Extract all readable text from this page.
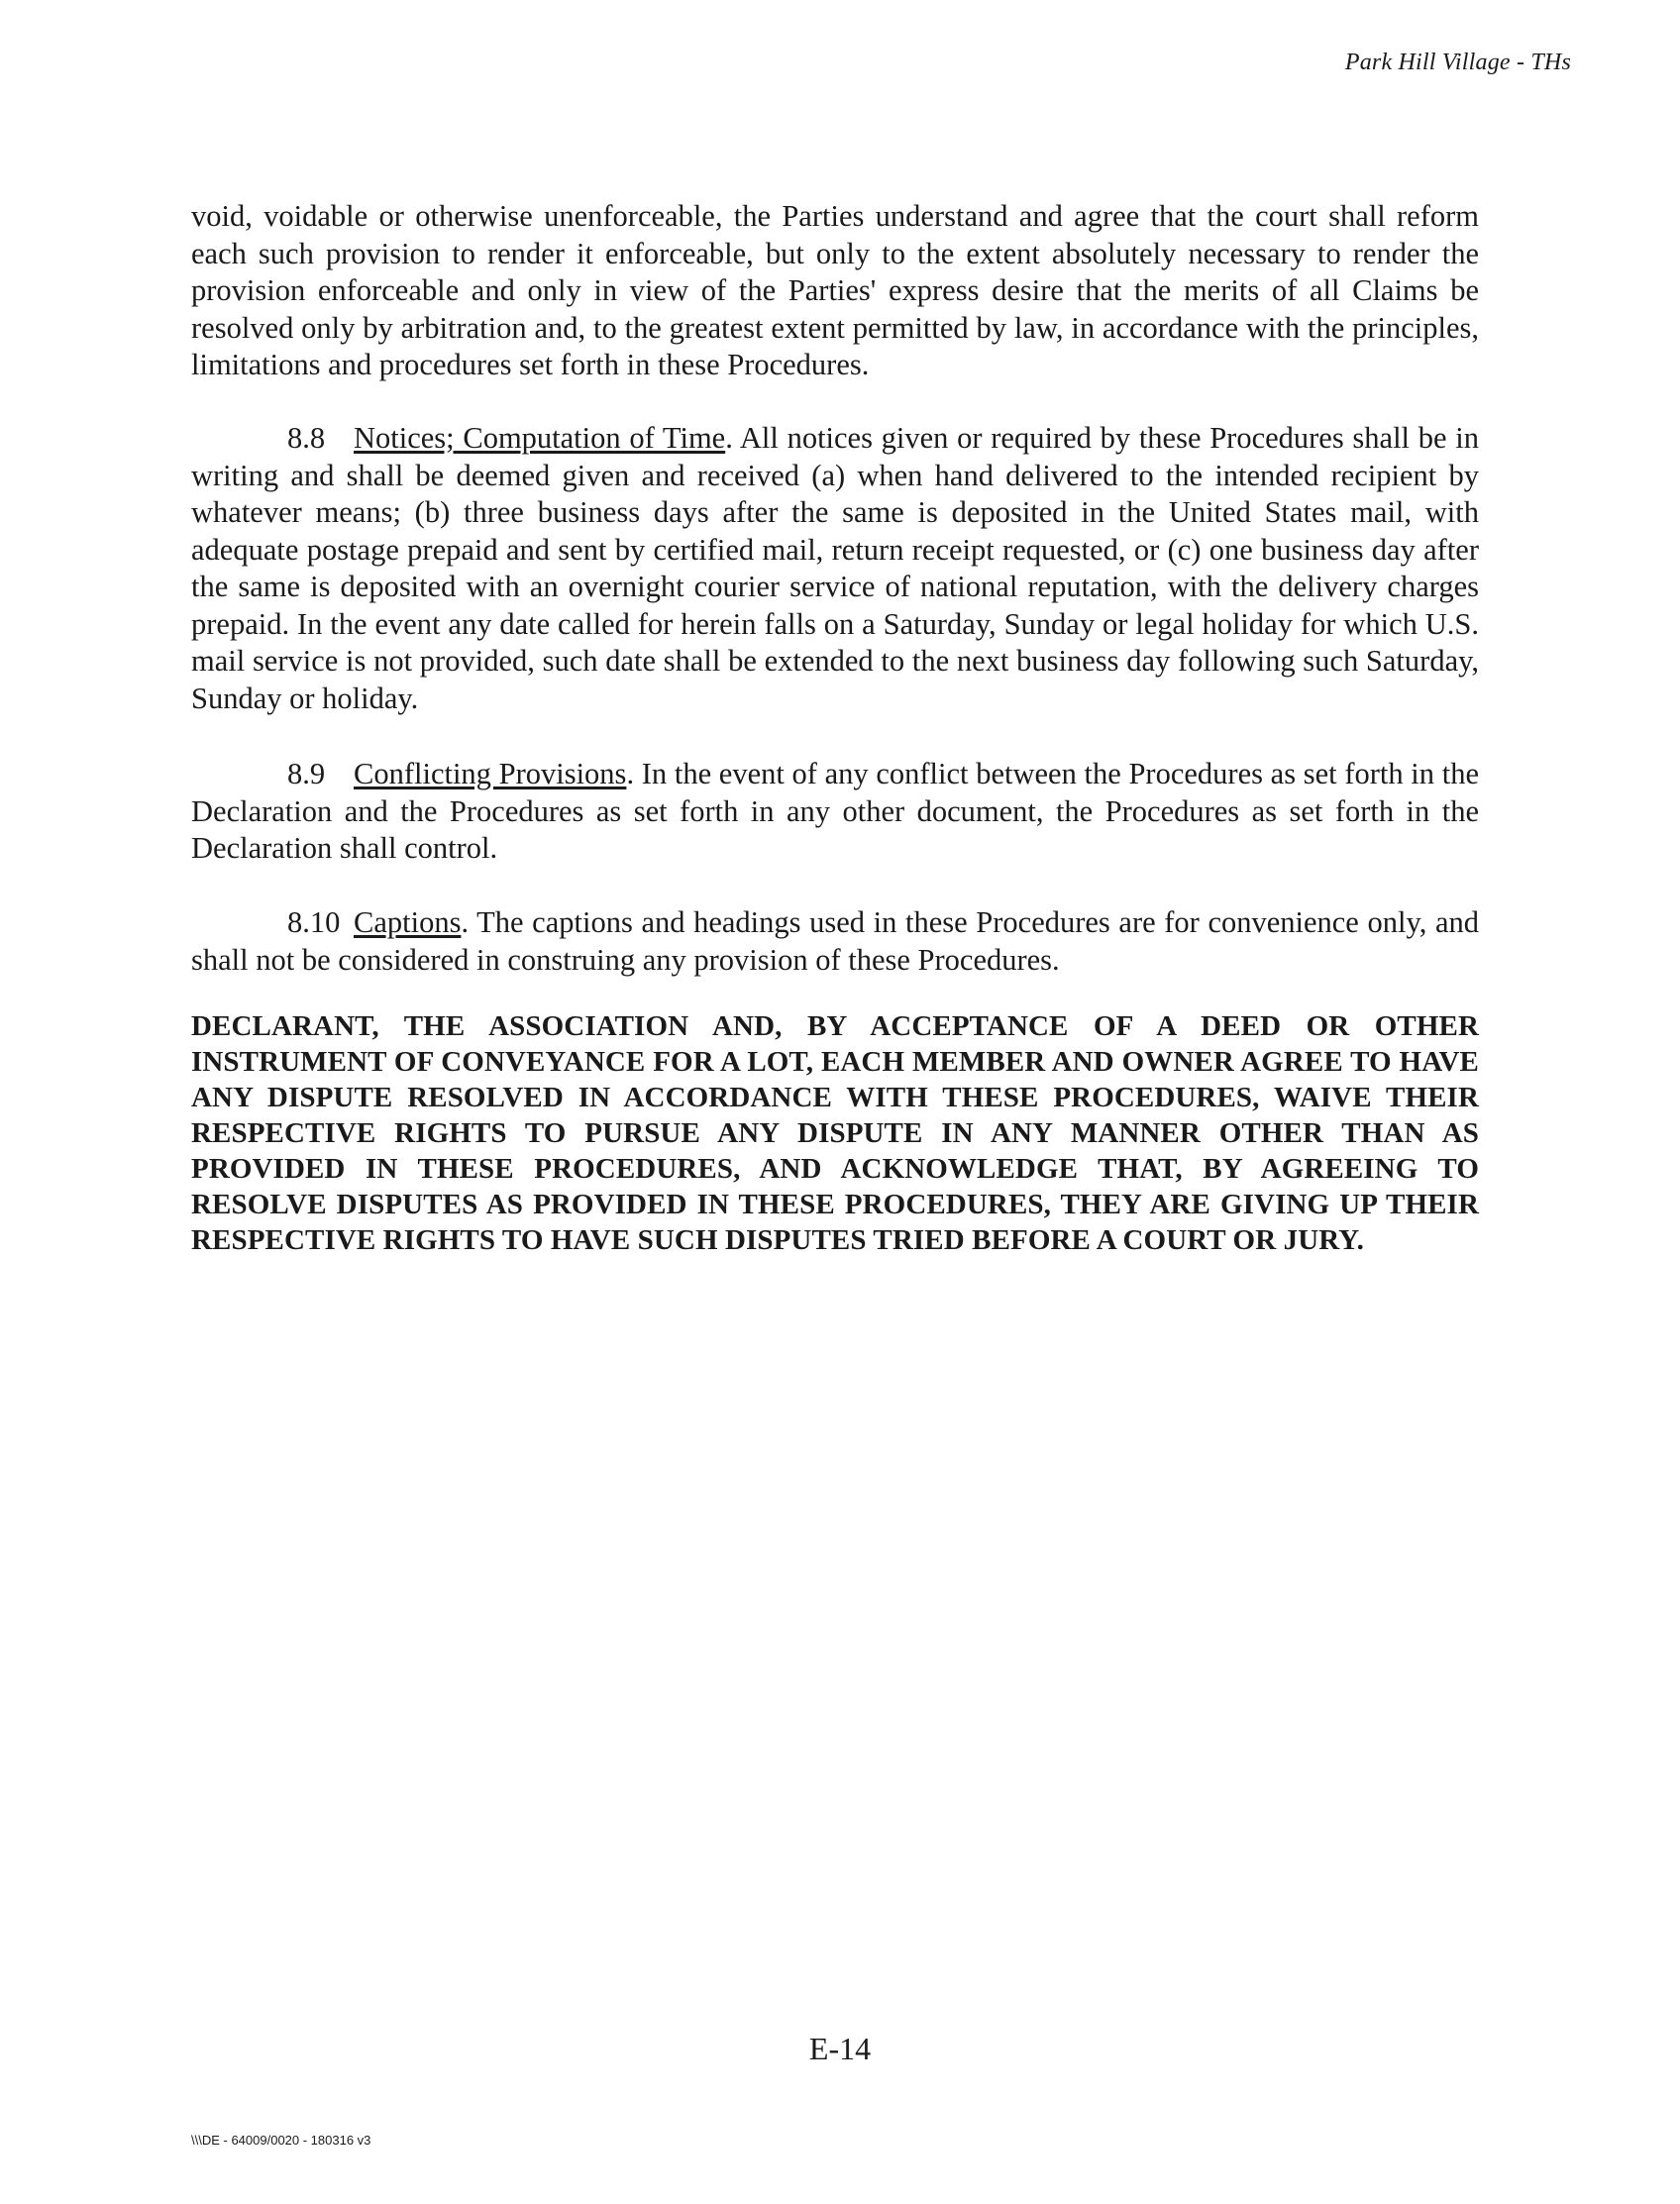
Park Hill Village - THs

void, voidable or otherwise unenforceable, the Parties understand and agree that the court shall reform each such provision to render it enforceable, but only to the extent absolutely necessary to render the provision enforceable and only in view of the Parties' express desire that the merits of all Claims be resolved only by arbitration and, to the greatest extent permitted by law, in accordance with the principles, limitations and procedures set forth in these Procedures.

8.8 Notices; Computation of Time. All notices given or required by these Procedures shall be in writing and shall be deemed given and received (a) when hand delivered to the intended recipient by whatever means; (b) three business days after the same is deposited in the United States mail, with adequate postage prepaid and sent by certified mail, return receipt requested, or (c) one business day after the same is deposited with an overnight courier service of national reputation, with the delivery charges prepaid. In the event any date called for herein falls on a Saturday, Sunday or legal holiday for which U.S. mail service is not provided, such date shall be extended to the next business day following such Saturday, Sunday or holiday.

8.9 Conflicting Provisions. In the event of any conflict between the Procedures as set forth in the Declaration and the Procedures as set forth in any other document, the Procedures as set forth in the Declaration shall control.

8.10 Captions. The captions and headings used in these Procedures are for convenience only, and shall not be considered in construing any provision of these Procedures.

DECLARANT, THE ASSOCIATION AND, BY ACCEPTANCE OF A DEED OR OTHER INSTRUMENT OF CONVEYANCE FOR A LOT, EACH MEMBER AND OWNER AGREE TO HAVE ANY DISPUTE RESOLVED IN ACCORDANCE WITH THESE PROCEDURES, WAIVE THEIR RESPECTIVE RIGHTS TO PURSUE ANY DISPUTE IN ANY MANNER OTHER THAN AS PROVIDED IN THESE PROCEDURES, AND ACKNOWLEDGE THAT, BY AGREEING TO RESOLVE DISPUTES AS PROVIDED IN THESE PROCEDURES, THEY ARE GIVING UP THEIR RESPECTIVE RIGHTS TO HAVE SUCH DISPUTES TRIED BEFORE A COURT OR JURY.

E-14
\\\DE - 64009/0020 - 180316 v3
